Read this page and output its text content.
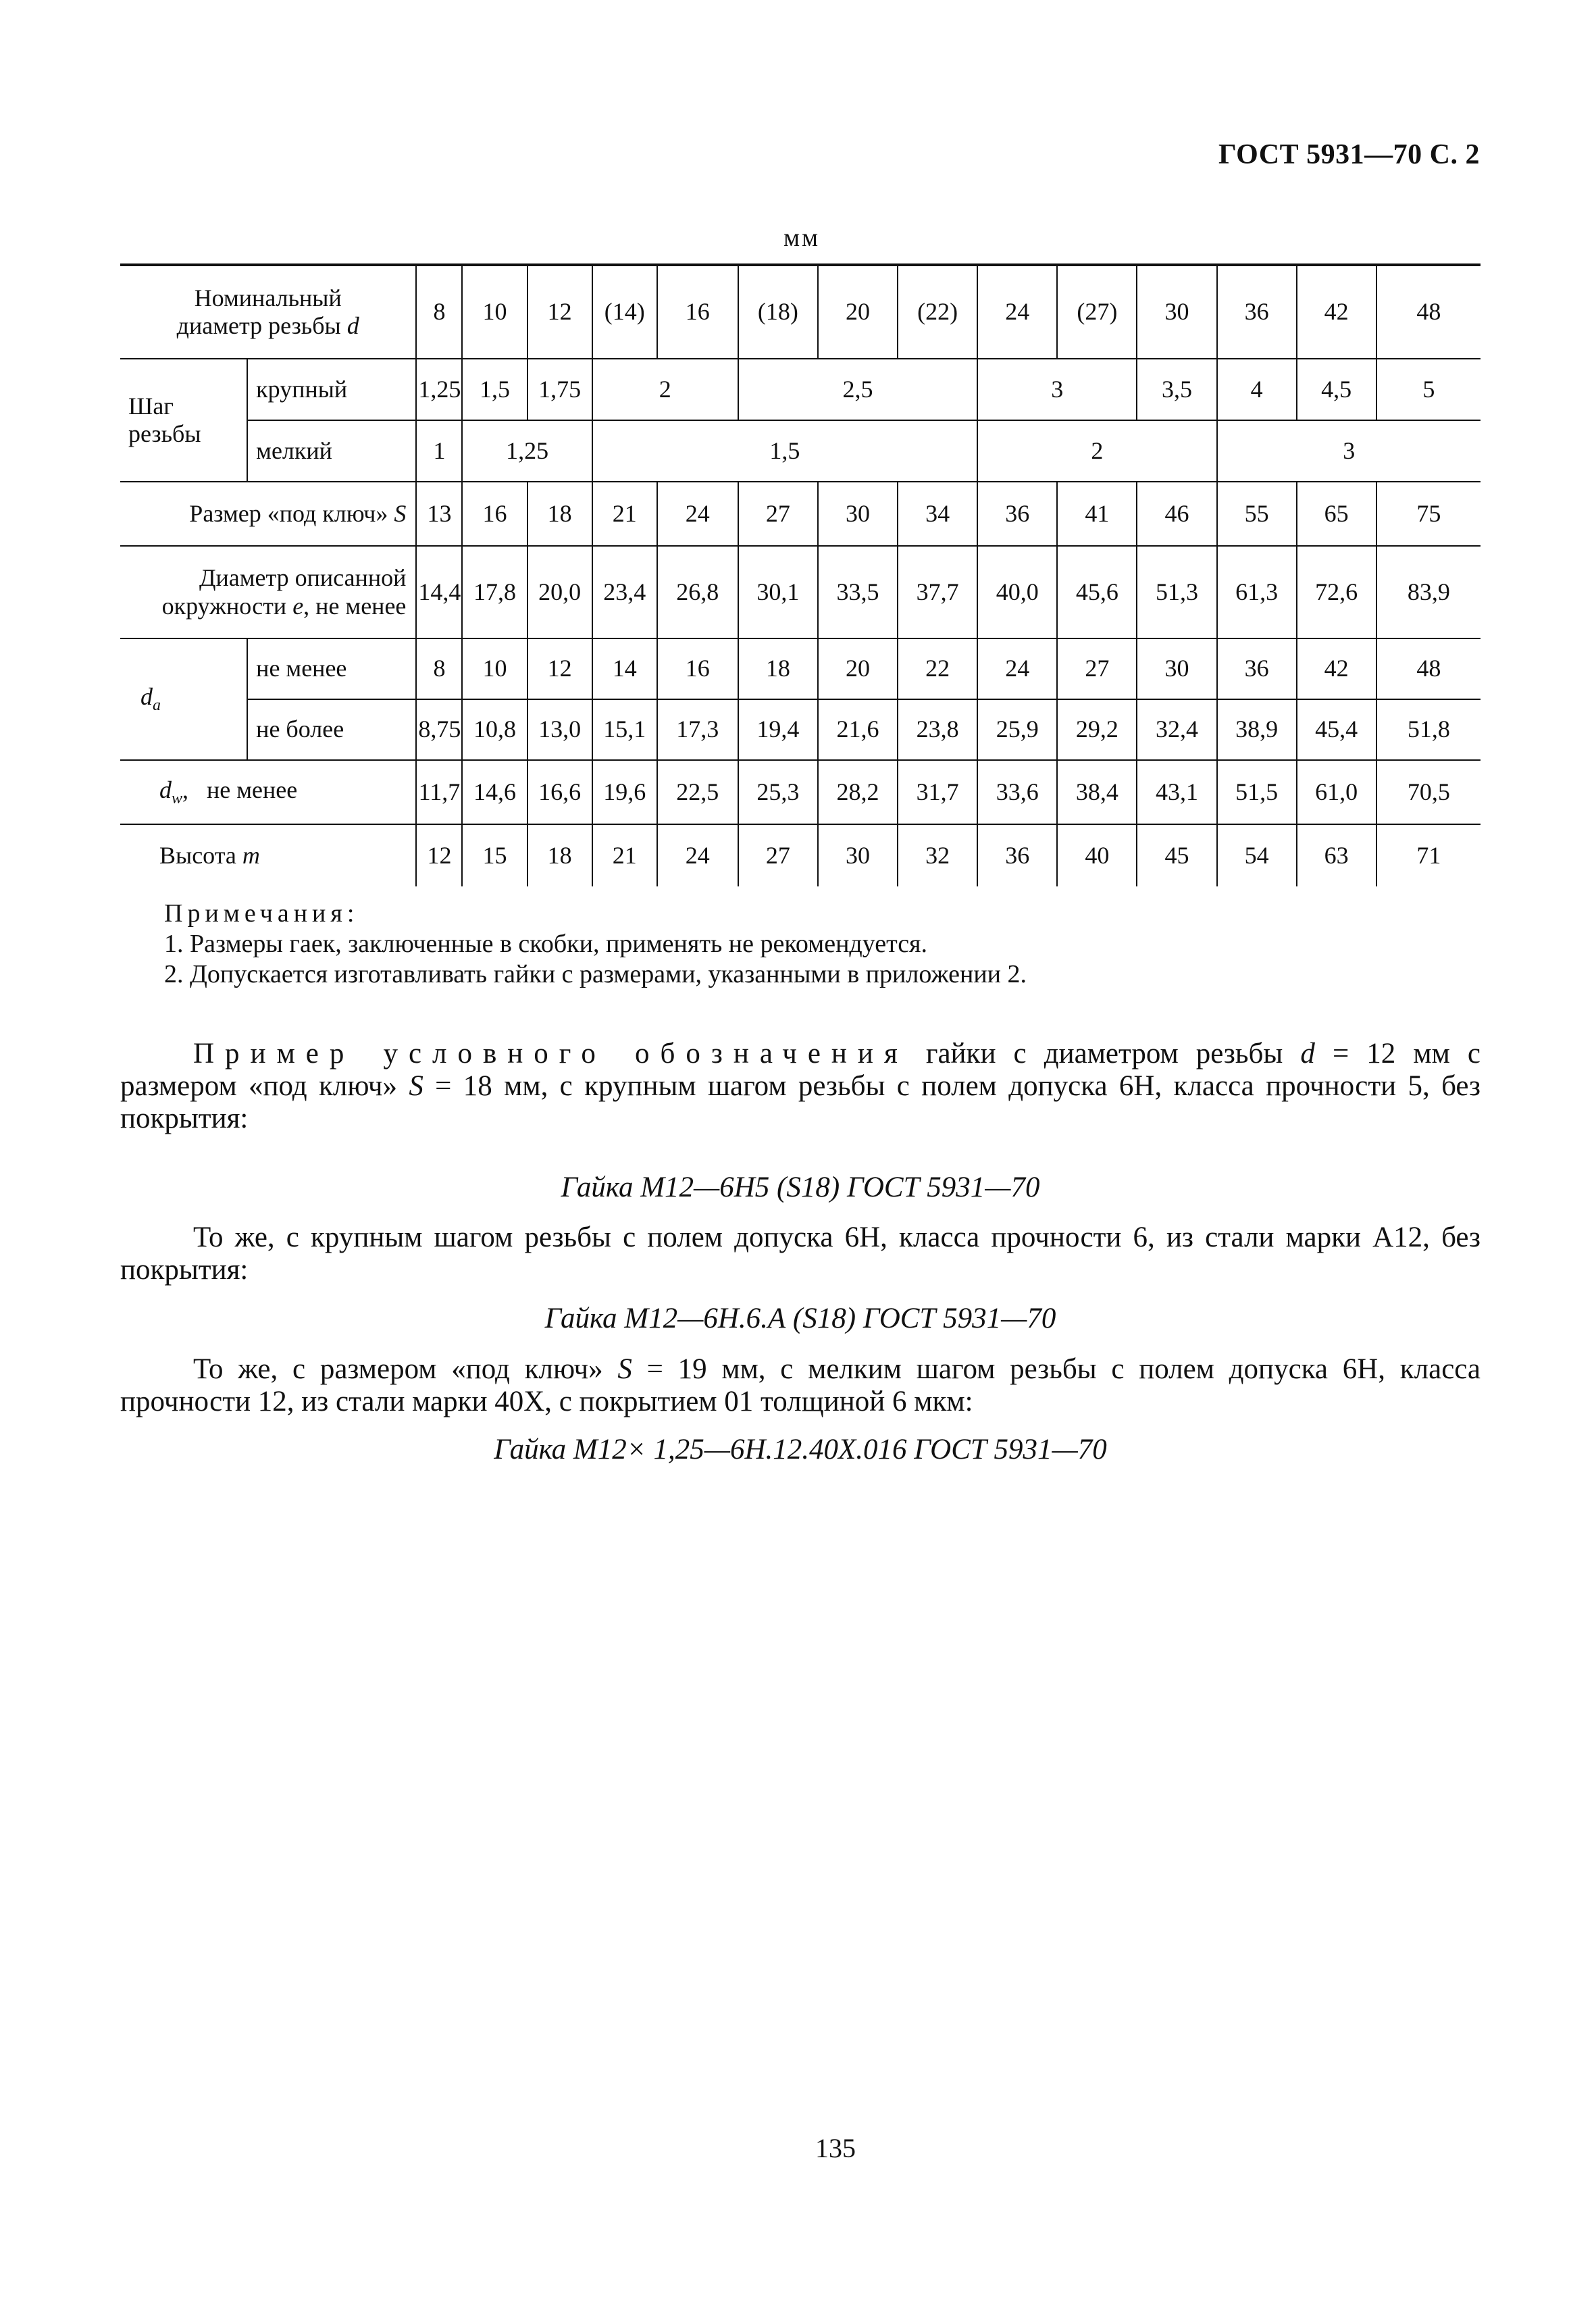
ГОСТ 5931—70 С. 2
мм
Номинальный
диаметр резьбы d		8	10	12	(14)	16	(18)	20	(22)	24	(27)	30	36	42	48
Шаг
резьбы	крупный	1,25	1,5	1,75	2		2,5			3		3,5	4	4,5	5
	мелкий	1	1,25		1,5					2			3		
Размер «под ключ» S		13	16	18	21	24	27	30	34	36	41	46	55	65	75
Диаметр описанной
окружности e, не менее		14,4	17,8	20,0	23,4	26,8	30,1	33,5	37,7	40,0	45,6	51,3	61,3	72,6	83,9
$d_a$	не менее	8	10	12	14	16	18	20	22	24	27	30	36	42	48
	не более	8,75	10,8	13,0	15,1	17,3	19,4	21,6	23,8	25,9	29,2	32,4	38,9	45,4	51,8
$d_w$,   не менее		11,7	14,6	16,6	19,6	22,5	25,3	28,2	31,7	33,6	38,4	43,1	51,5	61,0	70,5
Высота m		12	15	18	21	24	27	30	32	36	40	45	54	63	71
Примечания:
1. Размеры гаек, заключенные в скобки, применять не рекомендуется.
2. Допускается изготавливать гайки с размерами, указанными в приложении 2.

Пример условного обозначения гайки с диаметром резьбы d = 12 мм с размером «под ключ» S = 18 мм, с крупным шагом резьбы с полем допуска 6Н, класса прочности 5, без покрытия:

Гайка М12—6Н5 (S18) ГОСТ 5931—70

То же, с крупным шагом резьбы с полем допуска 6Н, класса прочности 6, из стали марки А12, без покрытия:

Гайка М12—6Н.6.А (S18) ГОСТ 5931—70

То же, с размером «под ключ» S = 19 мм, с мелким шагом резьбы с полем допуска 6Н, класса прочности 12, из стали марки 40Х, с покрытием 01 толщиной 6 мкм:

Гайка М12× 1,25—6Н.12.40Х.016 ГОСТ 5931—70
135
